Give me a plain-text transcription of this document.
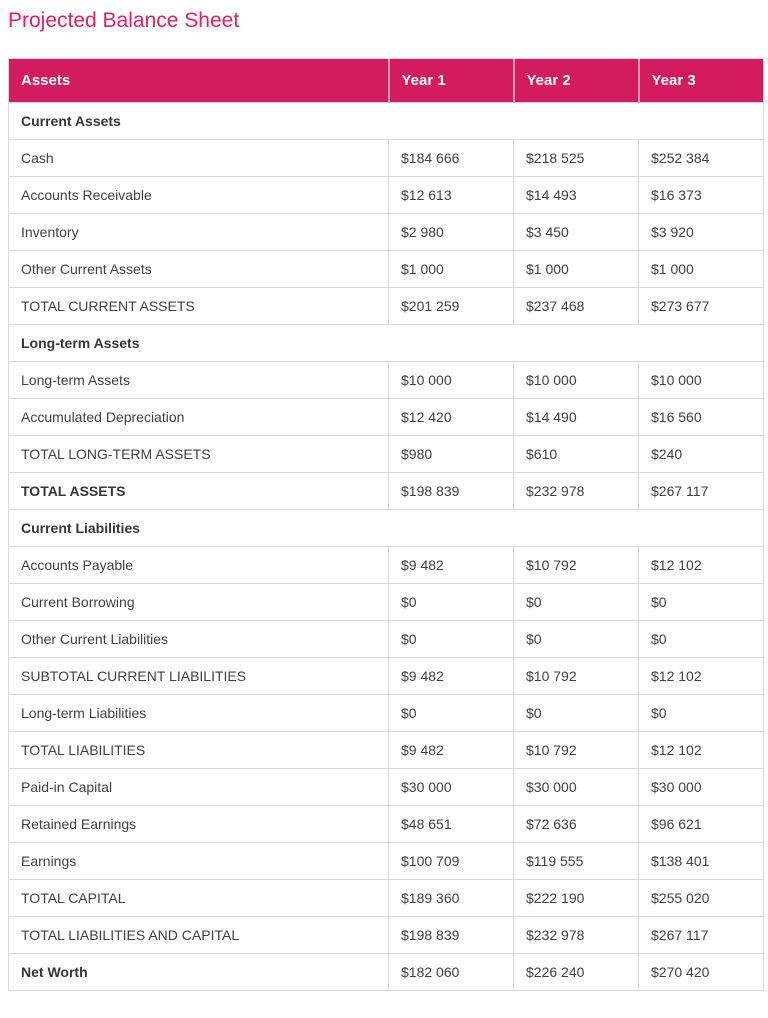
Projected Balance Sheet
Assets	Year 1	Year 2	Year 3
Current Assets			
Cash	$184 666	$218 525	$252 384
Accounts Receivable	$12 613	$14 493	$16 373
Inventory	$2 980	$3 450	$3 920
Other Current Assets	$1 000	$1 000	$1 000
TOTAL CURRENT ASSETS	$201 259	$237 468	$273 677
Long-term Assets			
Long-term Assets	$10 000	$10 000	$10 000
Accumulated Depreciation	$12 420	$14 490	$16 560
TOTAL LONG-TERM ASSETS	$980	$610	$240
TOTAL ASSETS	$198 839	$232 978	$267 117
Current Liabilities			
Accounts Payable	$9 482	$10 792	$12 102
Current Borrowing	$0	$0	$0
Other Current Liabilities	$0	$0	$0
SUBTOTAL CURRENT LIABILITIES	$9 482	$10 792	$12 102
Long-term Liabilities	$0	$0	$0
TOTAL LIABILITIES	$9 482	$10 792	$12 102
Paid-in Capital	$30 000	$30 000	$30 000
Retained Earnings	$48 651	$72 636	$96 621
Earnings	$100 709	$119 555	$138 401
TOTAL CAPITAL	$189 360	$222 190	$255 020
TOTAL LIABILITIES AND CAPITAL	$198 839	$232 978	$267 117
Net Worth	$182 060	$226 240	$270 420
